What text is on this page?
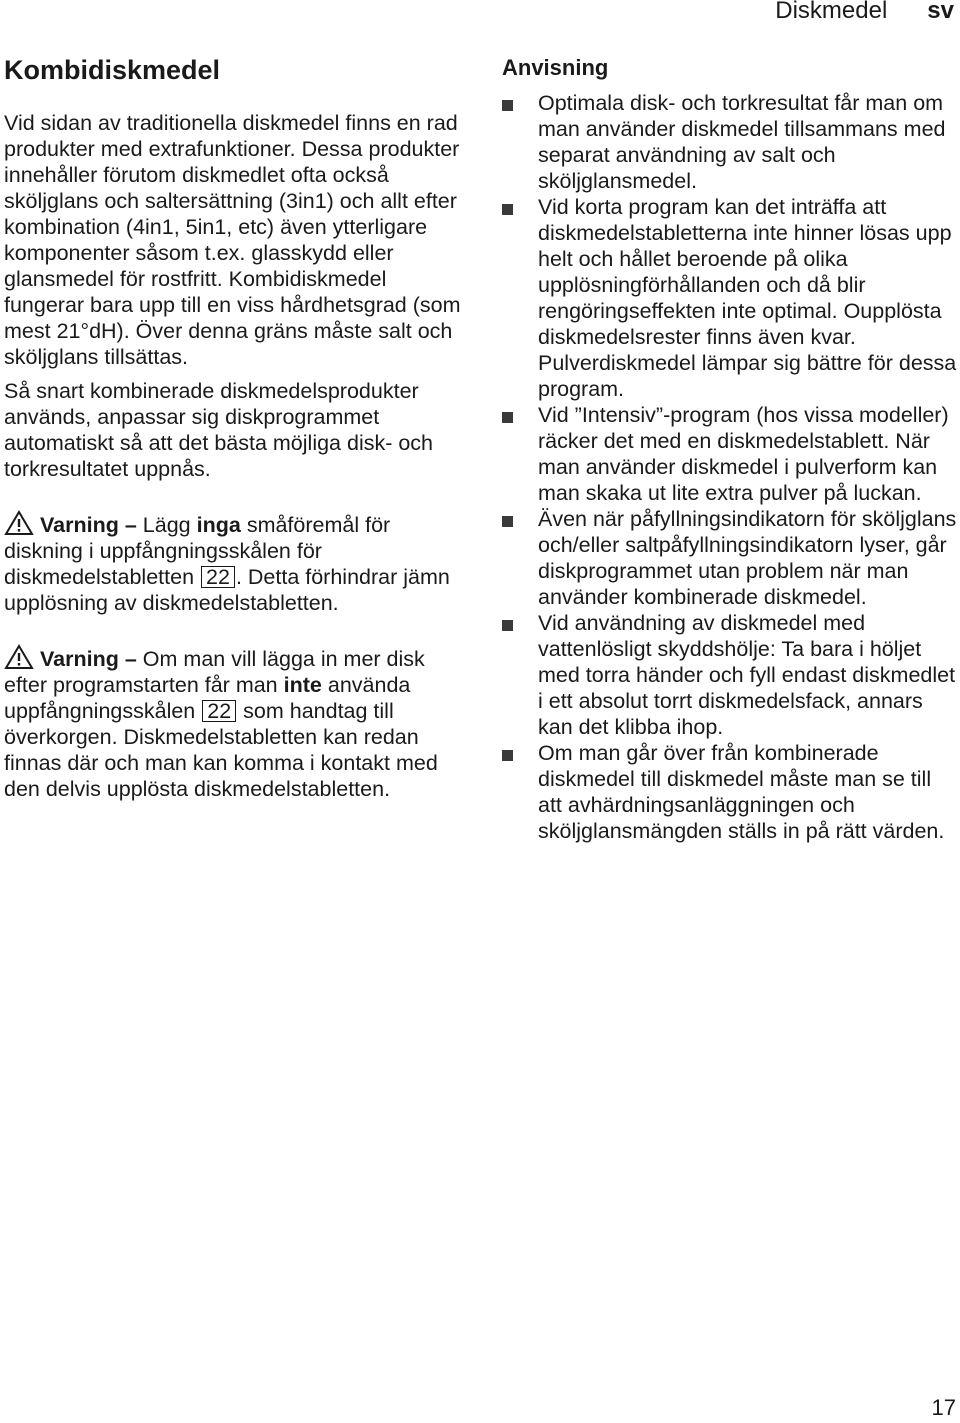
Diskmedel sv
Kombidiskmedel

Vid sidan av traditionella diskmedel finns en rad produkter med extrafunktioner. Dessa produkter innehåller förutom diskmedlet ofta också sköljglans och saltersättning (3in1) och allt efter kombination (4in1, 5in1, etc) även ytterligare komponenter såsom t.ex. glasskydd eller glansmedel för rostfritt. Kombidiskmedel fungerar bara upp till en viss hårdhetsgrad (som mest 21°dH). Över denna gräns måste salt och sköljglans tillsättas.

Så snart kombinerade diskmedelsprodukter används, anpassar sig diskprogrammet automatiskt så att det bästa möjliga disk- och torkresultatet uppnås.

Varning – Lägg inga småföremål för diskning i uppfångningsskålen för diskmedelstabletten 22 . Detta förhindrar jämn upplösning av diskmedelstabletten.
Varning – Om man vill lägga in mer disk efter programstarten får man inte använda uppfångningsskålen 22 som handtag till överkorgen. Diskmedelstabletten kan redan finnas där och man kan komma i kontakt med den delvis upplösta diskmedelstabletten.
Anvisning
Optimala disk- och torkresultat får man om man använder diskmedel tillsammans med separat användning av salt och sköljglansmedel.
Vid korta program kan det inträffa att diskmedelstabletterna inte hinner lösas upp helt och hållet beroende på olika upplösningförhållanden och då blir rengöringseffekten inte optimal. Oupplösta diskmedelsrester finns även kvar. Pulverdiskmedel lämpar sig bättre för dessa program.
Vid ”Intensiv”-program (hos vissa modeller) räcker det med en diskmedelstablett. När man använder diskmedel i pulverform kan man skaka ut lite extra pulver på luckan.
Även när påfyllningsindikatorn för sköljglans och/eller saltpåfyllningsindikatorn lyser, går diskprogrammet utan problem när man använder kombinerade diskmedel.
Vid användning av diskmedel med vattenlösligt skyddshölje: Ta bara i höljet med torra händer och fyll endast diskmedlet i ett absolut torrt diskmedelsfack, annars kan det klibba ihop.
Om man går över från kombinerade diskmedel till diskmedel måste man se till att avhärdningsanläggningen och sköljglansmängden ställs in på rätt värden.
17
